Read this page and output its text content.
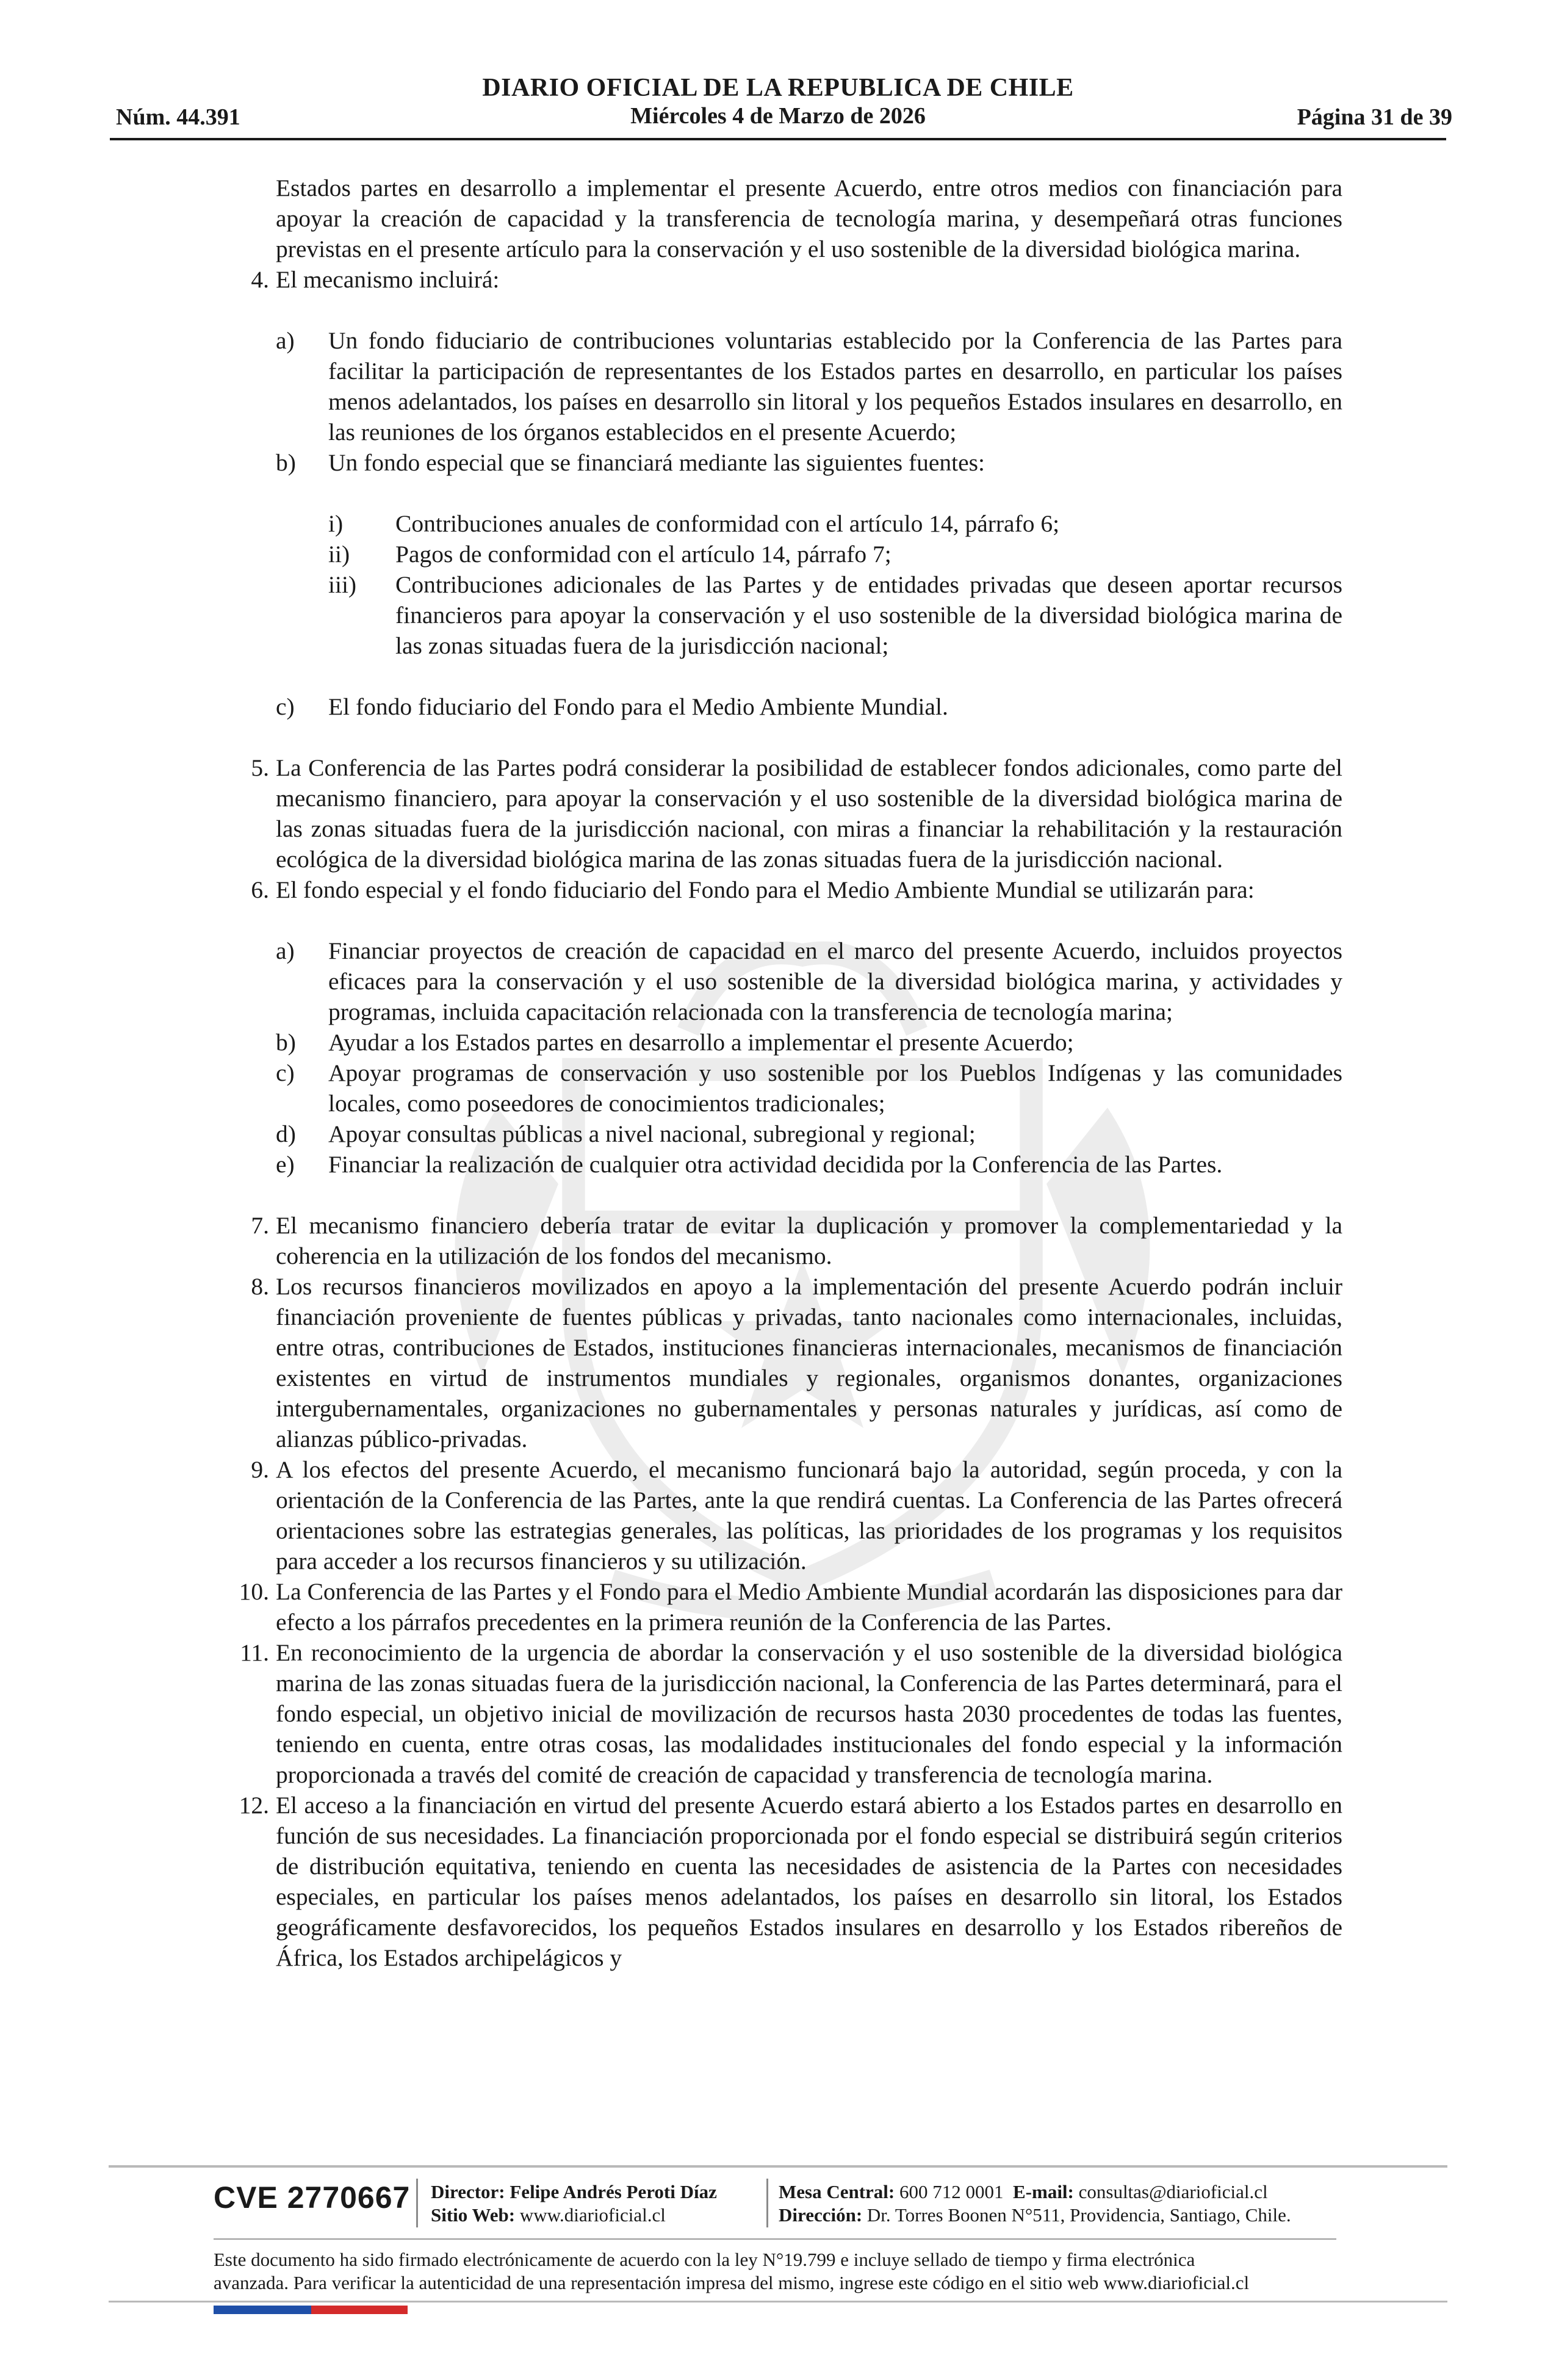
DIARIO OFICIAL DE LA REPUBLICA DE CHILE
Miércoles 4 de Marzo de 2026
Núm. 44.391	Página 31 de 39

Estados partes en desarrollo a implementar el presente Acuerdo, entre otros medios con financiación para apoyar la creación de capacidad y la transferencia de tecnología marina, y desempeñará otras funciones previstas en el presente artículo para la conservación y el uso sostenible de la diversidad biológica marina.

4. El mecanismo incluirá:

a) Un fondo fiduciario de contribuciones voluntarias establecido por la Conferencia de las Partes para facilitar la participación de representantes de los Estados partes en desarrollo, en particular los países menos adelantados, los países en desarrollo sin litoral y los pequeños Estados insulares en desarrollo, en las reuniones de los órganos establecidos en el presente Acuerdo;

b) Un fondo especial que se financiará mediante las siguientes fuentes:

i) Contribuciones anuales de conformidad con el artículo 14, párrafo 6;

ii) Pagos de conformidad con el artículo 14, párrafo 7;

iii) Contribuciones adicionales de las Partes y de entidades privadas que deseen aportar recursos financieros para apoyar la conservación y el uso sostenible de la diversidad biológica marina de las zonas situadas fuera de la jurisdicción nacional;

c) El fondo fiduciario del Fondo para el Medio Ambiente Mundial.

5. La Conferencia de las Partes podrá considerar la posibilidad de establecer fondos adicionales, como parte del mecanismo financiero, para apoyar la conservación y el uso sostenible de la diversidad biológica marina de las zonas situadas fuera de la jurisdicción nacional, con miras a financiar la rehabilitación y la restauración ecológica de la diversidad biológica marina de las zonas situadas fuera de la jurisdicción nacional.

6. El fondo especial y el fondo fiduciario del Fondo para el Medio Ambiente Mundial se utilizarán para:

a) Financiar proyectos de creación de capacidad en el marco del presente Acuerdo, incluidos proyectos eficaces para la conservación y el uso sostenible de la diversidad biológica marina, y actividades y programas, incluida capacitación relacionada con la transferencia de tecnología marina;

b) Ayudar a los Estados partes en desarrollo a implementar el presente Acuerdo;

c) Apoyar programas de conservación y uso sostenible por los Pueblos Indígenas y las comunidades locales, como poseedores de conocimientos tradicionales;

d) Apoyar consultas públicas a nivel nacional, subregional y regional;

e) Financiar la realización de cualquier otra actividad decidida por la Conferencia de las Partes.

7. El mecanismo financiero debería tratar de evitar la duplicación y promover la complementariedad y la coherencia en la utilización de los fondos del mecanismo.

8. Los recursos financieros movilizados en apoyo a la implementación del presente Acuerdo podrán incluir financiación proveniente de fuentes públicas y privadas, tanto nacionales como internacionales, incluidas, entre otras, contribuciones de Estados, instituciones financieras internacionales, mecanismos de financiación existentes en virtud de instrumentos mundiales y regionales, organismos donantes, organizaciones intergubernamentales, organizaciones no gubernamentales y personas naturales y jurídicas, así como de alianzas público-privadas.

9. A los efectos del presente Acuerdo, el mecanismo funcionará bajo la autoridad, según proceda, y con la orientación de la Conferencia de las Partes, ante la que rendirá cuentas. La Conferencia de las Partes ofrecerá orientaciones sobre las estrategias generales, las políticas, las prioridades de los programas y los requisitos para acceder a los recursos financieros y su utilización.

10. La Conferencia de las Partes y el Fondo para el Medio Ambiente Mundial acordarán las disposiciones para dar efecto a los párrafos precedentes en la primera reunión de la Conferencia de las Partes.

11. En reconocimiento de la urgencia de abordar la conservación y el uso sostenible de la diversidad biológica marina de las zonas situadas fuera de la jurisdicción nacional, la Conferencia de las Partes determinará, para el fondo especial, un objetivo inicial de movilización de recursos hasta 2030 procedentes de todas las fuentes, teniendo en cuenta, entre otras cosas, las modalidades institucionales del fondo especial y la información proporcionada a través del comité de creación de capacidad y transferencia de tecnología marina.

12. El acceso a la financiación en virtud del presente Acuerdo estará abierto a los Estados partes en desarrollo en función de sus necesidades. La financiación proporcionada por el fondo especial se distribuirá según criterios de distribución equitativa, teniendo en cuenta las necesidades de asistencia de la Partes con necesidades especiales, en particular los países menos adelantados, los países en desarrollo sin litoral, los Estados geográficamente desfavorecidos, los pequeños Estados insulares en desarrollo y los Estados ribereños de África, los Estados archipelágicos y

CVE 2770667 Director: Felipe Andrés Peroti Díaz
Sitio Web: www.diarioficial.cl
Mesa Central: 600 712 0001 E-mail: consultas@diarioficial.cl
Dirección: Dr. Torres Boonen N°511, Providencia, Santiago, Chile.
Este documento ha sido firmado electrónicamente de acuerdo con la ley N°19.799 e incluye sellado de tiempo y firma electrónica
avanzada. Para verificar la autenticidad de una representación impresa del mismo, ingrese este código en el sitio web www.diarioficial.cl
